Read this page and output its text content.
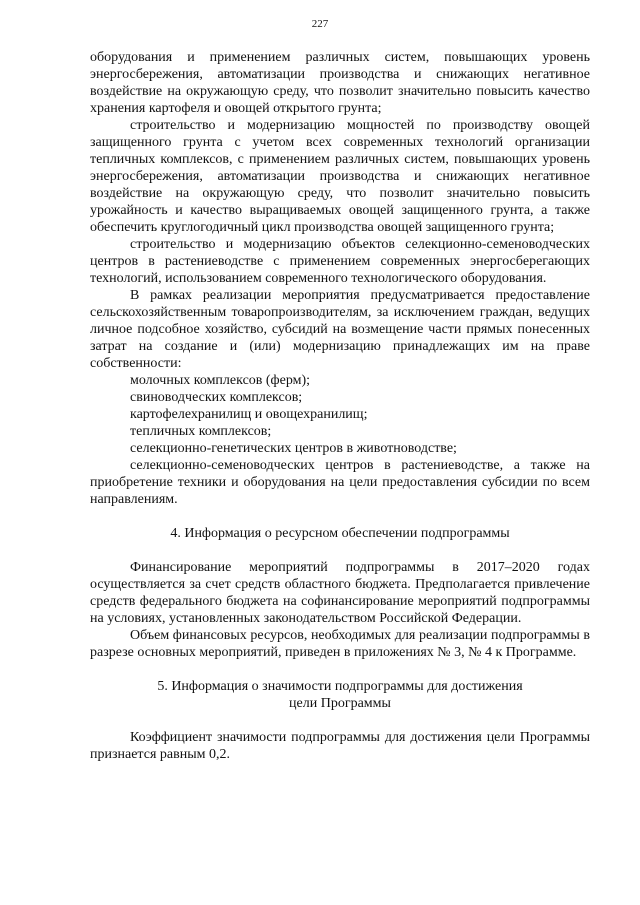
227

оборудования и применением различных систем, повышающих уровень энергосбережения, автоматизации производства и снижающих негативное воздействие на окружающую среду, что позволит значительно повысить качество хранения картофеля и овощей открытого грунта;

строительство и модернизацию мощностей по производству овощей защищенного грунта с учетом всех современных технологий организации тепличных комплексов, с применением различных систем, повышающих уровень энергосбережения, автоматизации производства и снижающих негативное воздействие на окружающую среду, что позволит значительно повысить урожайность и качество выращиваемых овощей защищенного грунта, а также обеспечить круглогодичный цикл производства овощей защищенного грунта;

строительство и модернизацию объектов селекционно-семеноводческих центров в растениеводстве с применением современных энергосберегающих технологий, использованием современного технологического оборудования.

В рамках реализации мероприятия предусматривается предоставление сельскохозяйственным товаропроизводителям, за исключением граждан, ведущих личное подсобное хозяйство, субсидий на возмещение части прямых понесенных затрат на создание и (или) модернизацию принадлежащих им на праве собственности:

молочных комплексов (ферм);

свиноводческих комплексов;

картофелехранилищ и овощехранилищ;

тепличных комплексов;

селекционно-генетических центров в животноводстве;

селекционно-семеноводческих центров в растениеводстве, а также на приобретение техники и оборудования на цели предоставления субсидии по всем направлениям.

4. Информация о ресурсном обеспечении подпрограммы

Финансирование мероприятий подпрограммы в 2017–2020 годах осуществляется за счет средств областного бюджета. Предполагается привлечение средств федерального бюджета на софинансирование мероприятий подпрограммы на условиях, установленных законодательством Российской Федерации.

Объем финансовых ресурсов, необходимых для реализации подпрограммы в разрезе основных мероприятий, приведен в приложениях № 3, № 4 к Программе.

5. Информация о значимости подпрограммы для достижения

цели Программы

Коэффициент значимости подпрограммы для достижения цели Программы признается равным 0,2.
